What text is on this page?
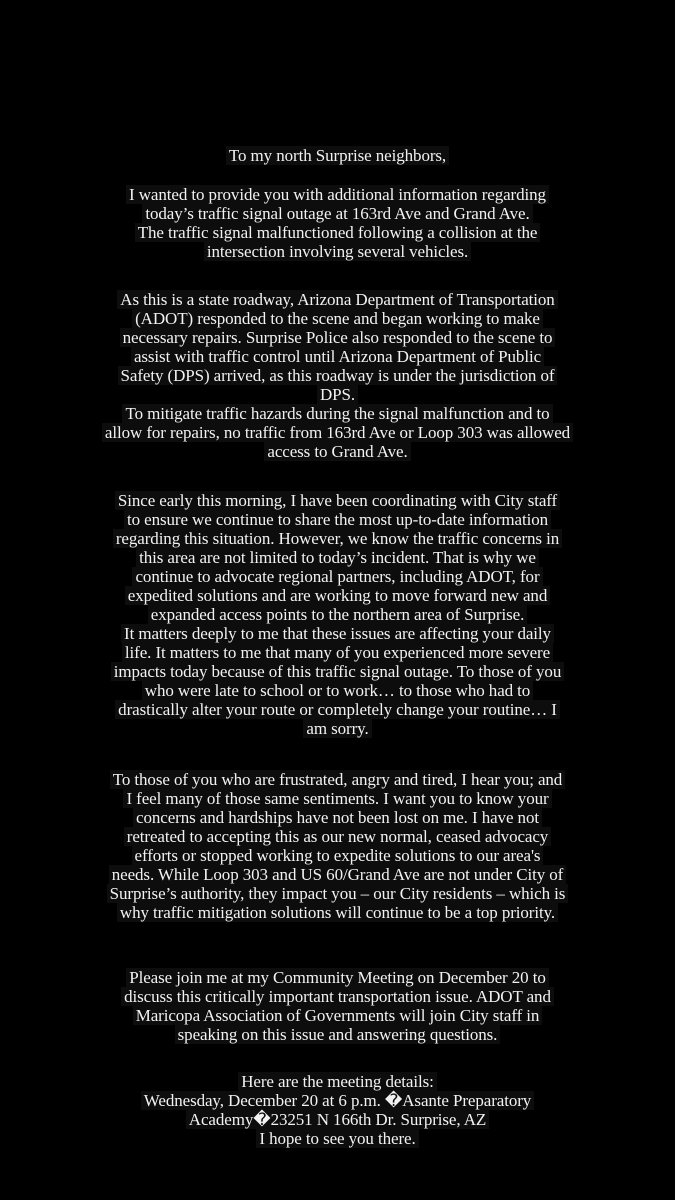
To my north Surprise neighbors,
I wanted to provide you with additional information regarding
today’s traffic signal outage at 163rd Ave and Grand Ave.
The traffic signal malfunctioned following a collision at the
intersection involving several vehicles.
As this is a state roadway, Arizona Department of Transportation
(ADOT) responded to the scene and began working to make
necessary repairs. Surprise Police also responded to the scene to
assist with traffic control until Arizona Department of Public
Safety (DPS) arrived, as this roadway is under the jurisdiction of
DPS.
To mitigate traffic hazards during the signal malfunction and to
allow for repairs, no traffic from 163rd Ave or Loop 303 was allowed
access to Grand Ave.
Since early this morning, I have been coordinating with City staff
to ensure we continue to share the most up-to-date information
regarding this situation. However, we know the traffic concerns in
this area are not limited to today’s incident. That is why we
continue to advocate regional partners, including ADOT, for
expedited solutions and are working to move forward new and
expanded access points to the northern area of Surprise.
It matters deeply to me that these issues are affecting your daily
life. It matters to me that many of you experienced more severe
impacts today because of this traffic signal outage. To those of you
who were late to school or to work… to those who had to
drastically alter your route or completely change your routine… I
am sorry.
To those of you who are frustrated, angry and tired, I hear you; and
I feel many of those same sentiments. I want you to know your
concerns and hardships have not been lost on me. I have not
retreated to accepting this as our new normal, ceased advocacy
efforts or stopped working to expedite solutions to our area's
needs. While Loop 303 and US 60/Grand Ave are not under City of
Surprise’s authority, they impact you – our City residents – which is
why traffic mitigation solutions will continue to be a top priority.
Please join me at my Community Meeting on December 20 to
discuss this critically important transportation issue. ADOT and
Maricopa Association of Governments will join City staff in
speaking on this issue and answering questions.
Here are the meeting details:
Wednesday, December 20 at 6 p.m. �Asante Preparatory
Academy�23251 N 166th Dr. Surprise, AZ
I hope to see you there.
